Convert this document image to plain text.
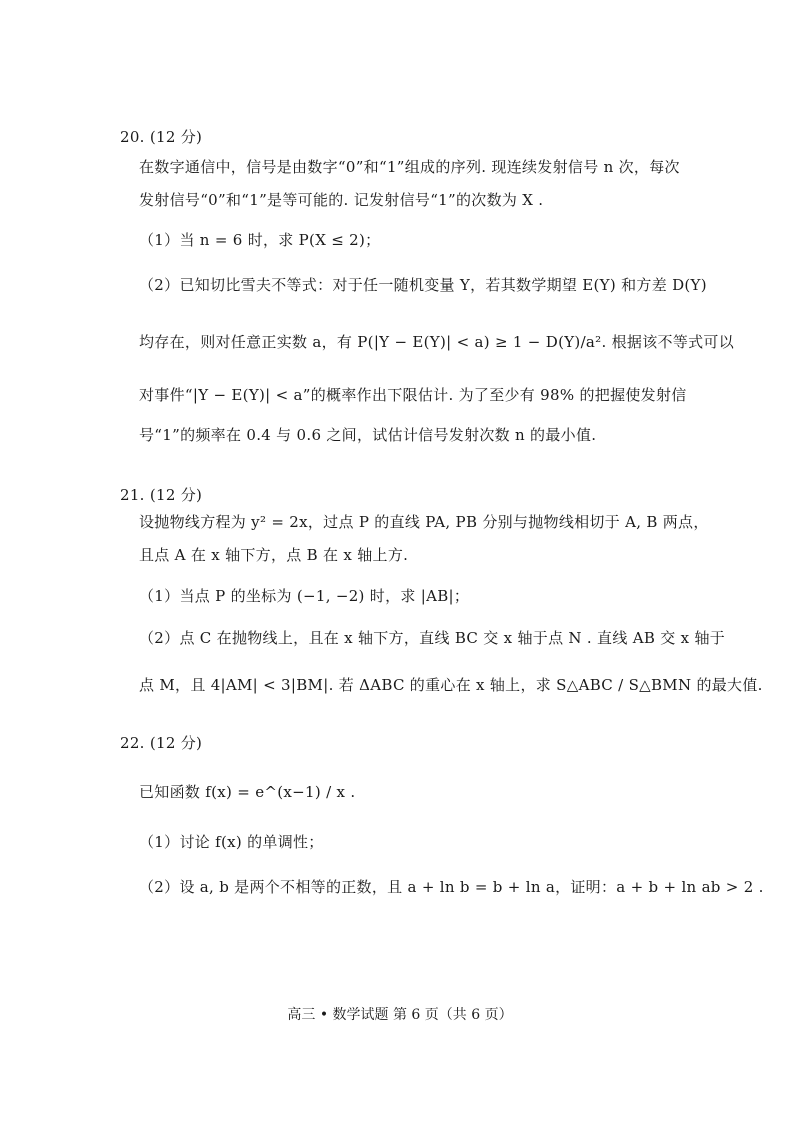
20. (12 分)
在数字通信中，信号是由数字“0”和“1”组成的序列. 现连续发射信号 n 次，每次
发射信号“0”和“1”是等可能的. 记发射信号“1”的次数为 X .
（1）当 n = 6 时，求 P(X ≤ 2)；
（2）已知切比雪夫不等式：对于任一随机变量 Y，若其数学期望 E(Y) 和方差 D(Y)
均存在，则对任意正实数 a，有 P(|Y − E(Y)| < a) ≥ 1 − D(Y)/a². 根据该不等式可以
对事件“|Y − E(Y)| < a”的概率作出下限估计. 为了至少有 98% 的把握使发射信
号“1”的频率在 0.4 与 0.6 之间，试估计信号发射次数 n 的最小值.
21. (12 分)
设抛物线方程为 y² = 2x，过点 P 的直线 PA, PB 分别与抛物线相切于 A, B 两点，
且点 A 在 x 轴下方，点 B 在 x 轴上方.
（1）当点 P 的坐标为 (−1, −2) 时，求 |AB|；
（2）点 C 在抛物线上，且在 x 轴下方，直线 BC 交 x 轴于点 N . 直线 AB 交 x 轴于
点 M，且 4|AM| < 3|BM|. 若 ΔABC 的重心在 x 轴上，求 S△ABC / S△BMN 的最大值.
22. (12 分)
已知函数 f(x) = e^(x−1) / x .
（1）讨论 f(x) 的单调性；
（2）设 a, b 是两个不相等的正数，且 a + ln b = b + ln a，证明：a + b + ln ab > 2 .
高三 • 数学试题 第 6 页（共 6 页）
